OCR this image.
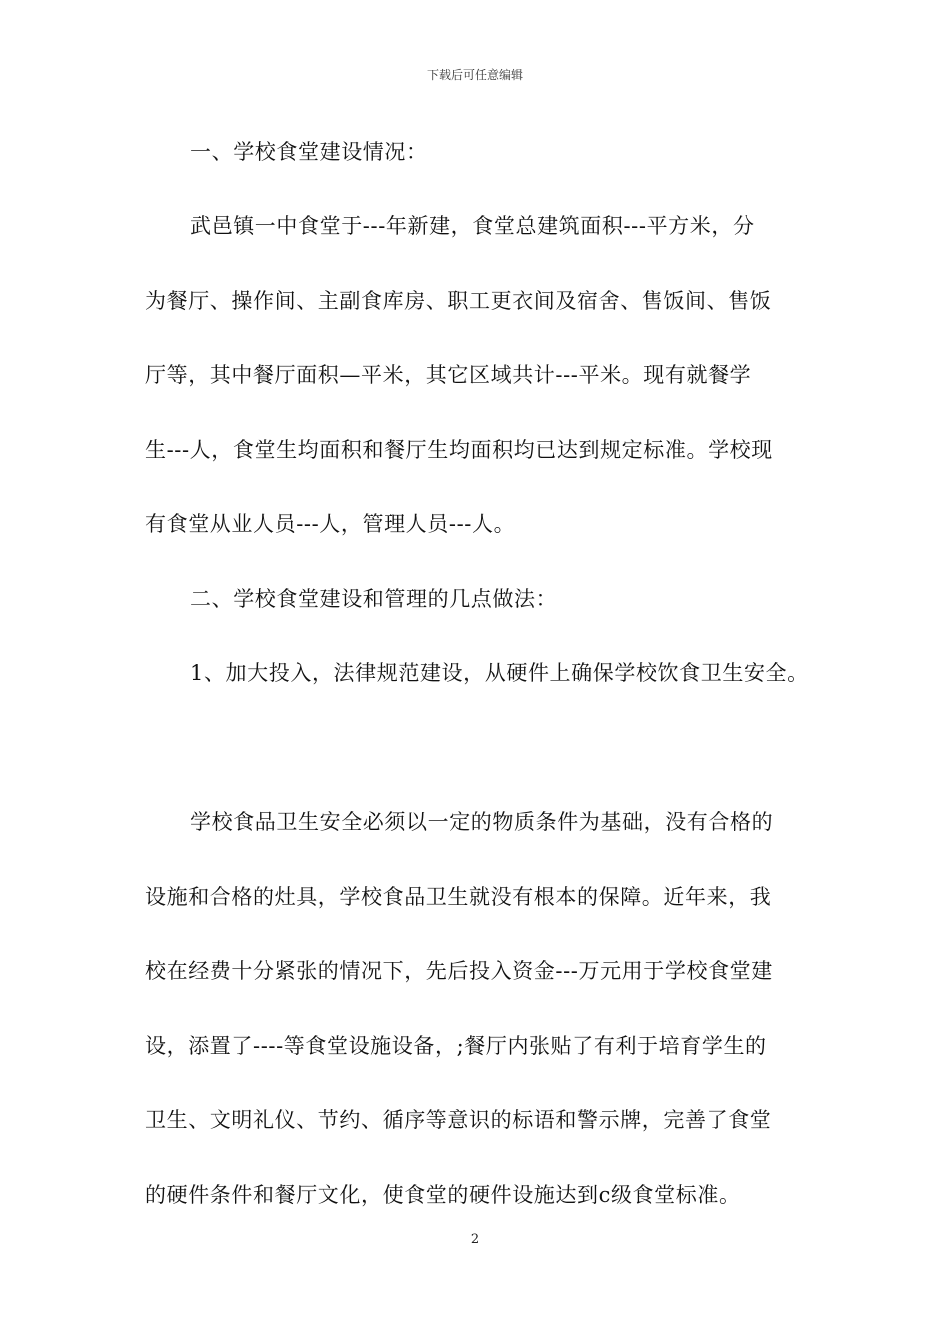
下载后可任意编辑
一、学校食堂建设情况：
武邑镇一中食堂于---年新建，食堂总建筑面积---平方米，分
为餐厅、操作间、主副食库房、职工更衣间及宿舍、售饭间、售饭
厅等，其中餐厅面积—平米，其它区域共计---平米。现有就餐学
生---人，食堂生均面积和餐厅生均面积均已达到规定标准。学校现
有食堂从业人员---人，管理人员---人。
二、学校食堂建设和管理的几点做法：
1、加大投入，法律规范建设，从硬件上确保学校饮食卫生安全。
学校食品卫生安全必须以一定的物质条件为基础，没有合格的
设施和合格的灶具，学校食品卫生就没有根本的保障。近年来，我
校在经费十分紧张的情况下，先后投入资金---万元用于学校食堂建
设，添置了----等食堂设施设备，;餐厅内张贴了有利于培育学生的
卫生、文明礼仪、节约、循序等意识的标语和警示牌，完善了食堂
的硬件条件和餐厅文化，使食堂的硬件设施达到c级食堂标准。
2
